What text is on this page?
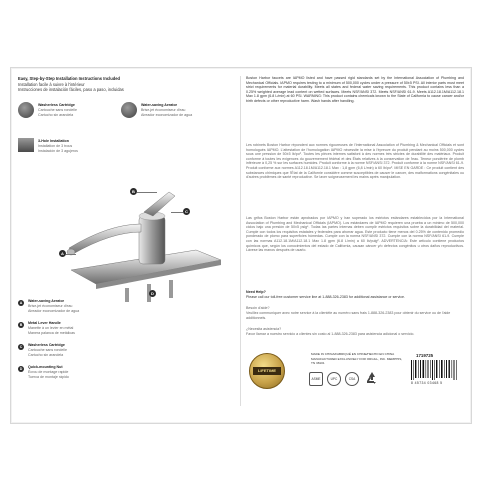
Easy, Step-by-Step Installation Instructions Included

Installation facile à suivre à l'intérieur

Instrucciones de instalación fáciles, paso a paso, incluidas

Washerless Cartridge

Cartouche sans rondelle

Cartucho sin arandela

Water-saving Aerator

Brise-jet économiseur d'eau

Aireador economizador de agua

3-Hole Installation

Installation de 3 trous

Instalación de 3 agujeros

B
C
A
D
A	Water-saving Aerator

Brise-jet économiseur d'eau

Aireador economizador de agua

B	Metal Lever Handle

Manette à un levier en métal

Manera palanca de metálicas

C	Washerless Cartridge

Cartouche sans rondelle

Cartucho sin arandela

D	Quick-mounting Nut

Écrou de montage rapide

Tuerca de montaje rápido

Boston Harbor faucets are IAPMO listed and have passed rigid standards set by the International Association of Plumbing and Mechanical Officials. IAPMO requires testing to a minimum of 500,000 cycles under a pressure of 50±5 PSI. All interior parts must meet strict requirements for material durability. Meets all states and federal water saving requirements. This product contains less than a 0.25% weighted average lead content on wetted surfaces. Meets NSF/ANSI 372. Meets NSF/ANSI 61-9. Meets A112.18.1M/A112.18.1 Max 1.8 gpm (6.8 L/min) at 60 PSI. WARNING: This product contains chemicals known to the State of California to cause cancer and/or birth defects or other reproductive harm. Wash hands after handling.

Les robinets Boston Harbor répondent aux normes rigoureuses de l'International Association of Plumbing & Mechanical Officials et sont homologués IAPMO. L'attestation de l'homologation IAPMO nécessite la mise à l'épreuve du produit pendant au moins 500,000 cycles sous une pression de 50±5 lb/po². Toutes les pièces internes satisfont à des normes très strictes de durabilité des matériaux. Produit conforme à toutes les exigences du gouvernement fédéral et des États relatives à la conservation de l'eau. Teneur pondérée de plomb inférieure à 0,25 % sur les surfaces humides. Produit conforme à la norme NSF/ANSI 372. Produit conforme à la norme NSF/ANSI 61-9. Produit conforme aux normes A112.18.1M/A112.18.1 Max : 1,8 gpm (6,8 L/min) à 60 lb/po². MISE EN GARDE : Ce produit contient des substances chimiques que l'État de la Californie considère comme susceptibles de causer le cancer, des malformations congénitales ou d'autres problèmes de santé reproductive. Se laver soigneusement les mains après manipulation.

Las grifos Boston Harbor están aprobados por IAPMO y han superado los estrictos estándares establecidos por la International Association of Plumbing and Mechanical Officials (IAPMO). Los estándares de IAPMO requieren una prueba a un mínimo de 500,000 ciclos bajo una presión de 50±5 psig*. Todas las partes internas deben cumplir estrictos requisitos sobre la durabilidad del material. Cumple con todos los requisitos estatales y federales para ahorrar agua. Este producto tiene menos del 0.25% de contenido promedio ponderado de plomo para superficies húmedas. Cumple con la norma NSF/ANSI 372. Cumple con la norma NSF/ANSI 61-9. Cumple con las normas A112.18.1M/A112.18.1 Max 1.8 gpm (6.8 L/min) a 60 lb/pulg². ADVERTENCIA: Este artículo contiene productos químicos que, según los conocimientos del estado de California, causan cáncer y/o defectos congénitos u otros daños reproductivos. Lávese las manos después de usarlo.

Need Help?

Please call our toll-free customer service line at 1-888-326-2383 for additional assistance or service.

Besoin d'aide?

Veuillez communiquer avec notre service à la clientèle au numéro sans frais 1-888-326-2383 pour obtenir du service ou de l'aide additionnels.

¿Necesita asistencia?

Favor llamar a nuestro servicio a clientes sin costo al 1-888-326-2383 para asistencia adicional o servicio.

LIFETIME

MADE IN CHINA/FABRIQUÉ EN CHINE/HECHO EN CHINA

MANUFACTURED EXCLUSIVELY FOR ORGILL, INC. MEMPHIS, TN 38101

ASME	UPC	CSA

1719725

8 45734 03468 5
